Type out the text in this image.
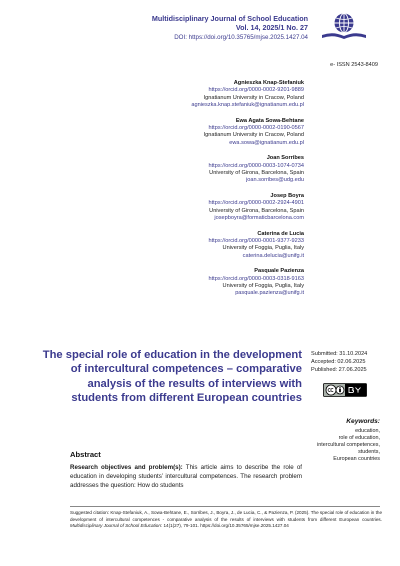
Multidisciplinary Journal of School Education
Vol. 14, 2025/1 No. 27
DOI: https://doi.org/10.35765/mjse.2025.1427.04
e- ISSN 2543-8409
Agnieszka Knap-Stefaniuk
https://orcid.org/0000-0002-9201-9889
Ignatianum University in Cracow, Poland
agnieszka.knap.stefaniuk@ignatianum.edu.pl
Ewa Agata Sowa-Behtane
https://orcid.org/0000-0002-0190-0567
Ignatianum University in Cracow, Poland
ewa.sowa@ignatianum.edu.pl
Joan Sorribes
https://orcid.org/0000-0003-1074-0734
University of Girona, Barcelona, Spain
joan.sorribes@udg.edu
Josep Boyra
https://orcid.org/0000-0002-2924-4901
University of Girona, Barcelona, Spain
josepboyra@formaticbarcelona.com
Caterina de Lucia
https://orcid.org/0000-0001-9377-9233
University of Foggia, Puglia, Italy
caterina.delucia@unifg.it
Pasquale Pazienza
https://orcid.org/0000-0003-0318-9163
University of Foggia, Puglia, Italy
pasquale.pazienza@unifg.it
The special role of education in the development of intercultural competences – comparative analysis of the results of interviews with students from different European countries
Submitted: 31.10.2024
Accepted: 02.06.2025
Published: 27.06.2025
Keywords:
education,
role of education,
intercultural competences,
students,
European countries
Abstract
Research objectives and problem(s): This article aims to describe the role of education in developing students’ intercultural competences. The research problem addresses the question: How do students
Suggested citation: Knap-Stefaniuk, A., Sowa-Behtane, E., Sorribes, J., Boyra, J., de Lucia, C., & Pazienza, P. (2025). The special role of education in the development of intercultural competences - comparative analysis of the results of interviews with students from different European countries. Multidisciplinary Journal of School Education: 14(1(27), 79-101. https://doi.org/10.35765/mjse.2025.1427.04
